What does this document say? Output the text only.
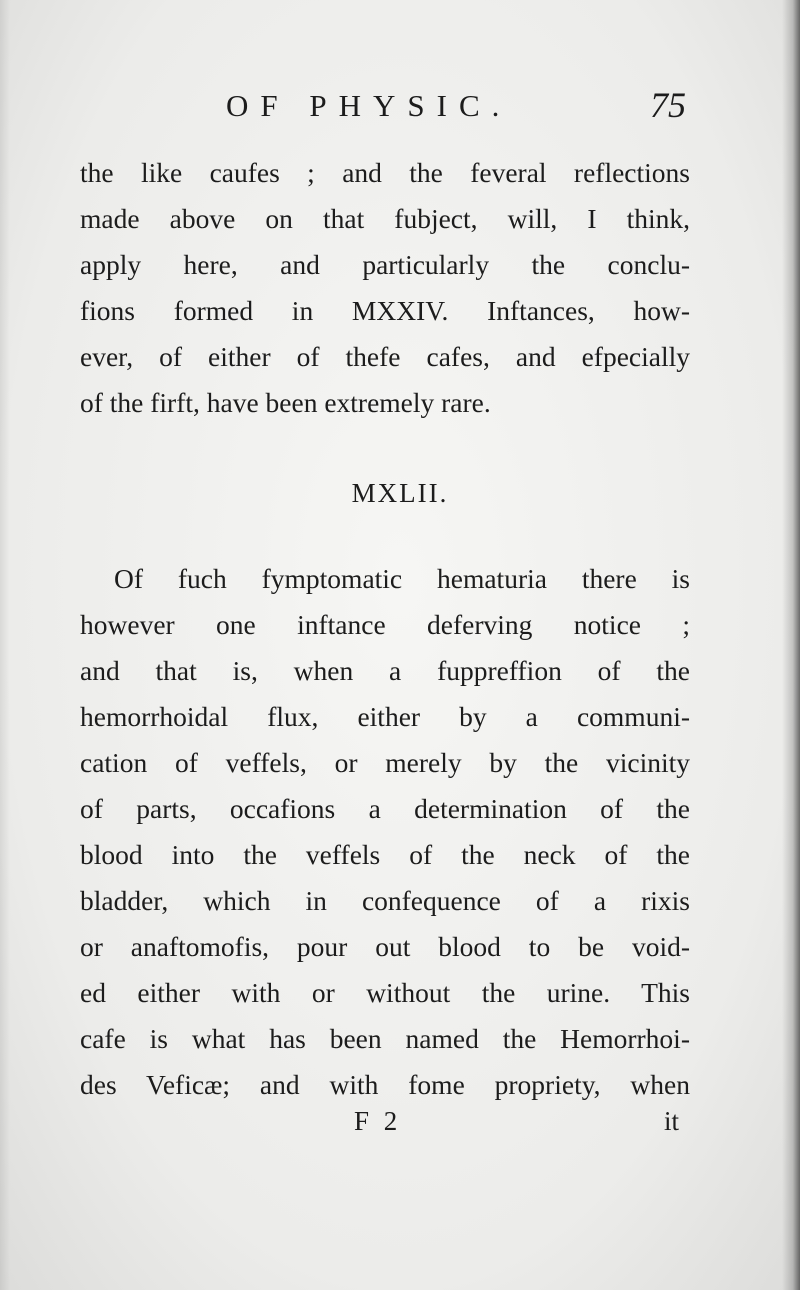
OF PHYSIC.	75
the like caufes ; and the feveral reflections
made above on that fubject, will, I think,
apply here, and particularly the conclu-
fions formed in MXXIV. Inftances, how-
ever, of either of thefe cafes, and efpecially
of the firft, have been extremely rare.
MXLII.
Of fuch fymptomatic hematuria there is
however one inftance deferving notice ;
and that is, when a fuppreffion of the
hemorrhoidal flux, either by a communi-
cation of veffels, or merely by the vicinity
of parts, occafions a determination of the
blood into the veffels of the neck of the
bladder, which in confequence of a rixis
or anaftomofis, pour out blood to be void-
ed either with or without the urine. This
cafe is what has been named the Hemorrhoi-
des Veficæ; and with fome propriety, when
F 2	it
